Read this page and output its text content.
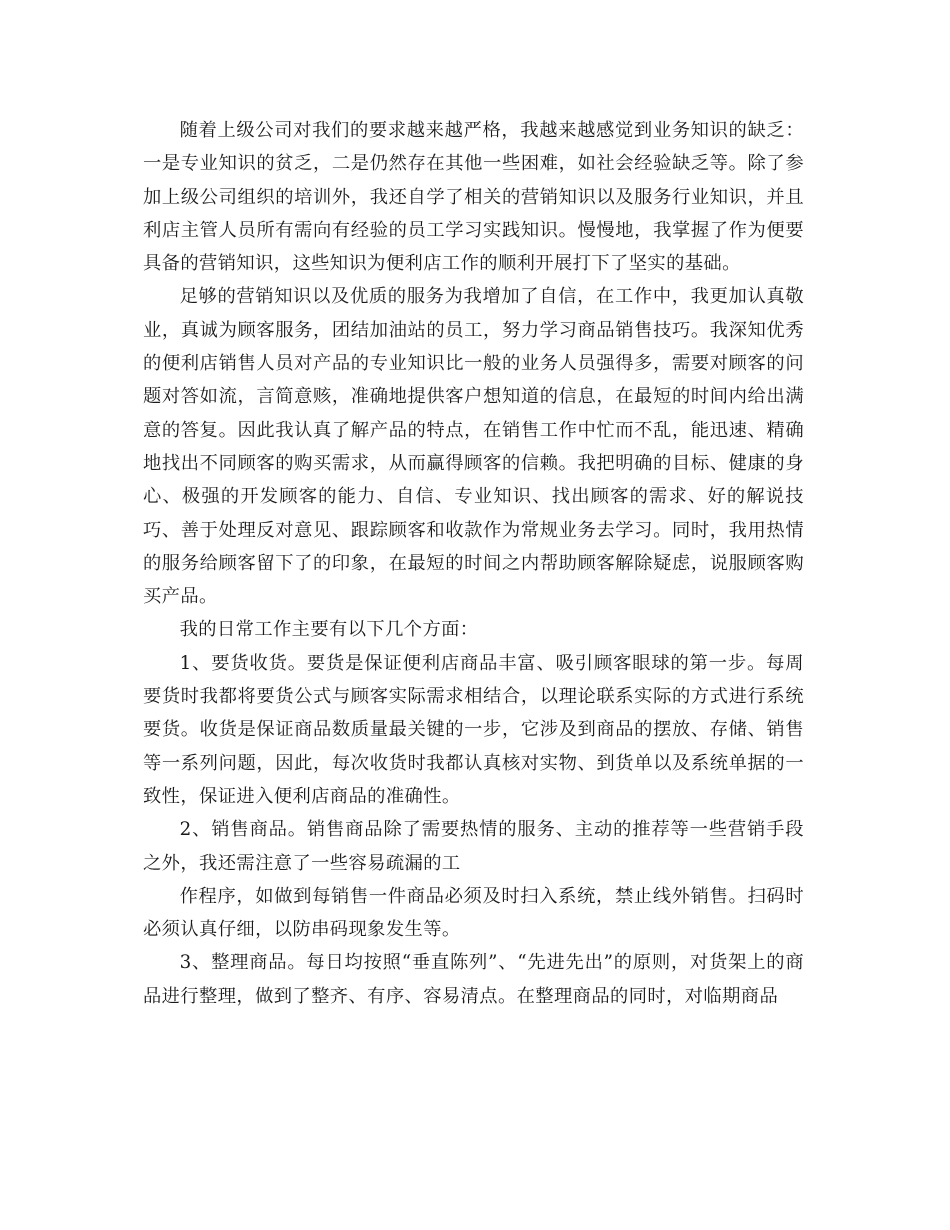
随着上级公司对我们的要求越来越严格，我越来越感觉到业务知识的缺乏：一是专业知识的贫乏，二是仍然存在其他一些困难，如社会经验缺乏等。除了参加上级公司组织的培训外，我还自学了相关的营销知识以及服务行业知识，并且利店主管人员所有需向有经验的员工学习实践知识。慢慢地，我掌握了作为便要具备的营销知识，这些知识为便利店工作的顺利开展打下了坚实的基础。

足够的营销知识以及优质的服务为我增加了自信，在工作中，我更加认真敬业，真诚为顾客服务，团结加油站的员工，努力学习商品销售技巧。我深知优秀的便利店销售人员对产品的专业知识比一般的业务人员强得多，需要对顾客的问题对答如流，言简意赅，准确地提供客户想知道的信息，在最短的时间内给出满意的答复。因此我认真了解产品的特点，在销售工作中忙而不乱，能迅速、精确地找出不同顾客的购买需求，从而赢得顾客的信赖。我把明确的目标、健康的身心、极强的开发顾客的能力、自信、专业知识、找出顾客的需求、好的解说技巧、善于处理反对意见、跟踪顾客和收款作为常规业务去学习。同时，我用热情的服务给顾客留下了的印象，在最短的时间之内帮助顾客解除疑虑，说服顾客购买产品。

我的日常工作主要有以下几个方面：

1、要货收货。要货是保证便利店商品丰富、吸引顾客眼球的第一步。每周要货时我都将要货公式与顾客实际需求相结合，以理论联系实际的方式进行系统要货。收货是保证商品数质量最关键的一步，它涉及到商品的摆放、存储、销售等一系列问题，因此，每次收货时我都认真核对实物、到货单以及系统单据的一致性，保证进入便利店商品的准确性。

2、销售商品。销售商品除了需要热情的服务、主动的推荐等一些营销手段之外，我还需注意了一些容易疏漏的工

作程序，如做到每销售一件商品必须及时扫入系统，禁止线外销售。扫码时必须认真仔细，以防串码现象发生等。

3、整理商品。每日均按照“垂直陈列”、“先进先出”的原则，对货架上的商品进行整理，做到了整齐、有序、容易清点。在整理商品的同时，对临期商品
